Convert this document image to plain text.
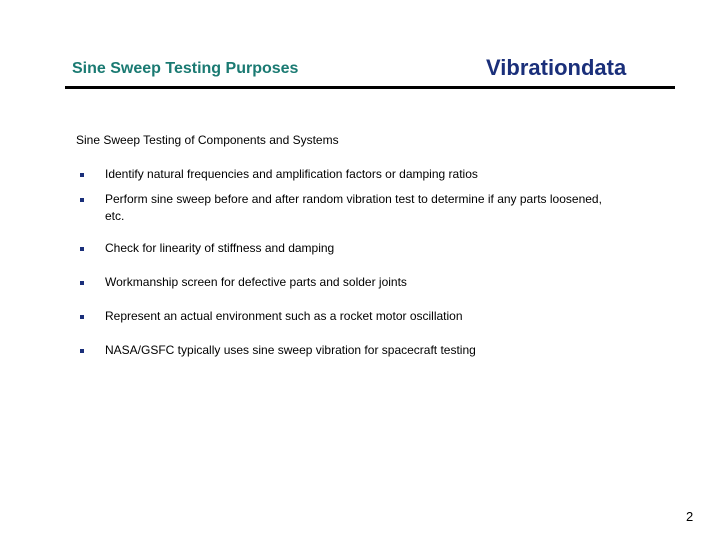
Sine Sweep Testing Purposes	Vibrationdata
Sine Sweep Testing of Components and Systems
Identify natural frequencies and amplification factors or damping ratios
Perform sine sweep before and after random vibration test to determine if any parts loosened, etc.
Check for linearity of stiffness and damping
Workmanship screen for defective parts and solder joints
Represent an actual environment such as a rocket motor oscillation
NASA/GSFC typically uses sine sweep vibration for spacecraft testing
2
